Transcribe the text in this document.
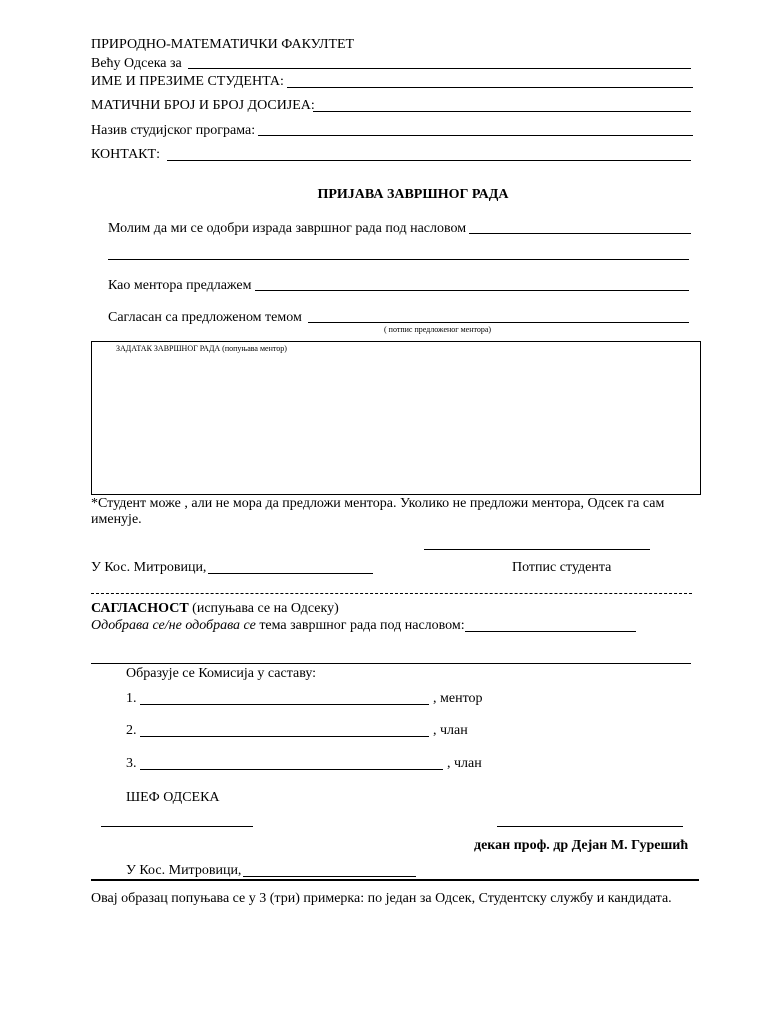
ПРИРОДНО-МАТЕМАТИЧКИ ФАКУЛТЕТ
Веħу Одсека за
ИМЕ И ПРЕЗИМЕ СТУДЕНТА:
МАТИЧНИ БРОЈ И БРОЈ ДОСИЈЕА:
Назив студијског програма:
КОНТАКТ:
ПРИЈАВА ЗАВРШНОГ РАДА
Молим да ми се одобри израда завршног рада под насловом
Као ментора предлажем
Сагласан са предложеном темом
( потпис предложеног ментора)
ЗАДАТАК ЗАВРШНОГ РАДА (попуњава ментор)
*Студент може , али не мора да предложи ментора. Уколико не предложи ментора, Одсек га сам
именује.
У Кос. Митровици,	Потпис студента
САГЛАСНОСТ (испуњава се на Одсеку)
Одобрава се/не одобрава се тема завршног рада под насловом:
Образује се Комисија у саставу:
1.	, ментор
2.	, члан
3.	, члан
ШЕФ ОДСЕКА
декан проф. др Дејан М. Гурешић
У Кос. Митровици,
Овај образац попуњава се у 3 (три) примерка: по један за Одсек, Студентску службу и кандидата.
